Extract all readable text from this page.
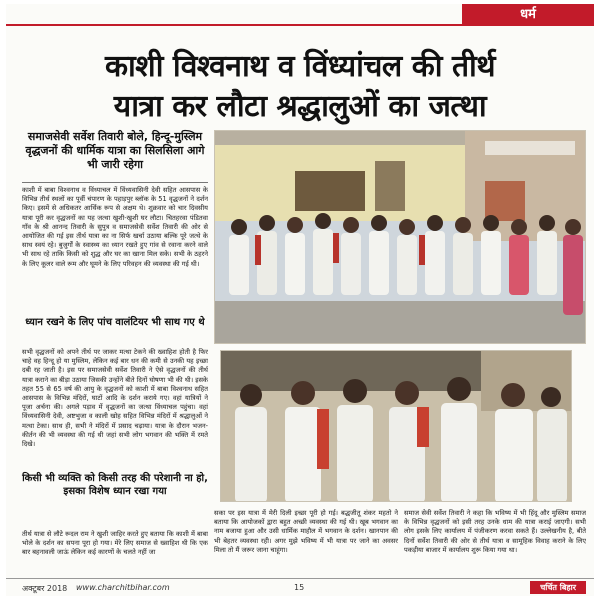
धर्म
काशी विश्वनाथ व विंध्यांचल की तीर्थ
यात्रा कर लौटा श्रद्धालुओं का जत्था
समाजसेवी सर्वेश तिवारी बोले, हिन्दू-मुस्लिम वृद्धजनों की धार्मिक यात्रा का सिलसिला आगे भी जारी रहेगा
काशी में बाबा विश्वनाथ व विंध्याचल में विंध्यवासिनी देवी सहित आसपास के विभिन्न तीर्थ स्थलों का पूर्वी चंपारण के पहाड़पुर ब्लॉक के 51 वृद्धजनों ने दर्शन किए। इसमें से अधिकतर आर्थिक रूप से अक्षम थे। शुक्रवार को चार दिवसीय यात्रा पूरी कर वृद्धजनों का यह जत्था खुशी-खुशी घर लौटा। चितहरवा पंडितवा गाँव के श्री आनन्द तिवारी के सुपुत्र व समाजसेवी सर्वेश तिवारी की ओर से आयोजित की गई इस तीर्थ यात्रा का ना सिर्फ खर्चा उठाया बल्कि पूरे जत्थे के साथ स्वयं रहे। बुजुर्गों के स्वास्थ्य का ध्यान रखते हुए गांव से रवाना करने वाले भी साथ रहे ताकि किसी को शुद्ध और घर का खाना मिल सके। सभी के ठहरने के लिए कूलर वाले रूम और घूमने के लिए परिवहन की व्यवस्था की गई थी।
ध्यान रखने के लिए पांच वालंटियर भी साथ गए थे
सभी वृद्धजनों को अपने तीर्थ पर जाकर मत्था टेकने की ख्वाहिश होती है फिर चाहे वह हिन्दू हो या मुस्लिम, लेकिन कई बार धन की कमी से उनकी यह इच्छा दबी रह जाती है। इस पर समाजसेवी सर्वेश तिवारी ने ऐसे वृद्धजनों की तीर्थ यात्रा कराने का बीड़ा उठाया जिसकी उन्होंने बीते दिनों घोषणा भी की थी। इसके तहत 55 से 65 वर्ष की आयु के वृद्धजनों को काशी में बाबा विश्वनाथ सहित आसपास के विभिन्न मंदिरों, घाटों आदि के दर्शन कराये गए। वहां यात्रियों ने पूजा अर्चना की। अगले पड़ाव में वृद्धजनों का जत्था विंध्याचल पहुंचा। वहां विंध्यवासिनी देवी, अष्टभुजा व काली खोह सहित विभिन्न मंदिरों में श्रद्धालुओं ने मत्था टेका। साथ ही, सभी ने मंदिरों में प्रसाद चढ़ाया। यात्रा के दौरान भजन-कीर्तन की भी व्यवस्था की गई थी जहां सभी लोग भगवान की भक्ति में रमते दिखे।
किसी भी व्यक्ति को किसी तरह की परेशानी ना हो, इसका विशेष ध्यान रखा गया
तीर्थ यात्रा से लौटे रूदल राम ने खुशी जाहिर करते हुए बताया कि काशी में बाबा भोले के दर्शन का सपना पूरा हो गया। मेरे लिए समाज से ख्वाहिश थी कि एक बार बहनावली जाऊं लेकिन कई कारणों के चलते नहीं जा
सका पर इस यात्रा में मेरी दिली इच्छा पूरी हो गई। बद्धजीतू शंकर महतो ने बताया कि आयोजकों द्वारा बहुत अच्छी व्यवस्था की गई थी। खूब भगवान का नाम बजाया हुआ और उसी धार्मिक माहौल में भगवान के दर्शन। खानपान की भी बेहतर व्यवस्था रही। अगर मुझे भविष्य में भी यात्रा पर जाने का अवसर मिला तो मैं जरूर जाना चाहूंगा।
समाज सेवी सर्वेश तिवारी ने कहा कि भविष्य में भी हिंदू और मुस्लिम समाज के विभिन्न वृद्धजनों को इसी तरह उनके धाम की यात्रा कराई जाएगी। सभी लोग इसके लिए कार्यालय में पंजीकरण करवा सकते हैं। उल्लेखनीय है, बीते दिनों सर्वेश तिवारी की ओर से तीर्थ यात्रा व सामूहिक विवाह कराने के लिए पकड़ीया बाजार में कार्यालय शुरू किया गया था।
अक्टूबर 2018 www.charchitbihar.com	15	चर्चित बिहार
